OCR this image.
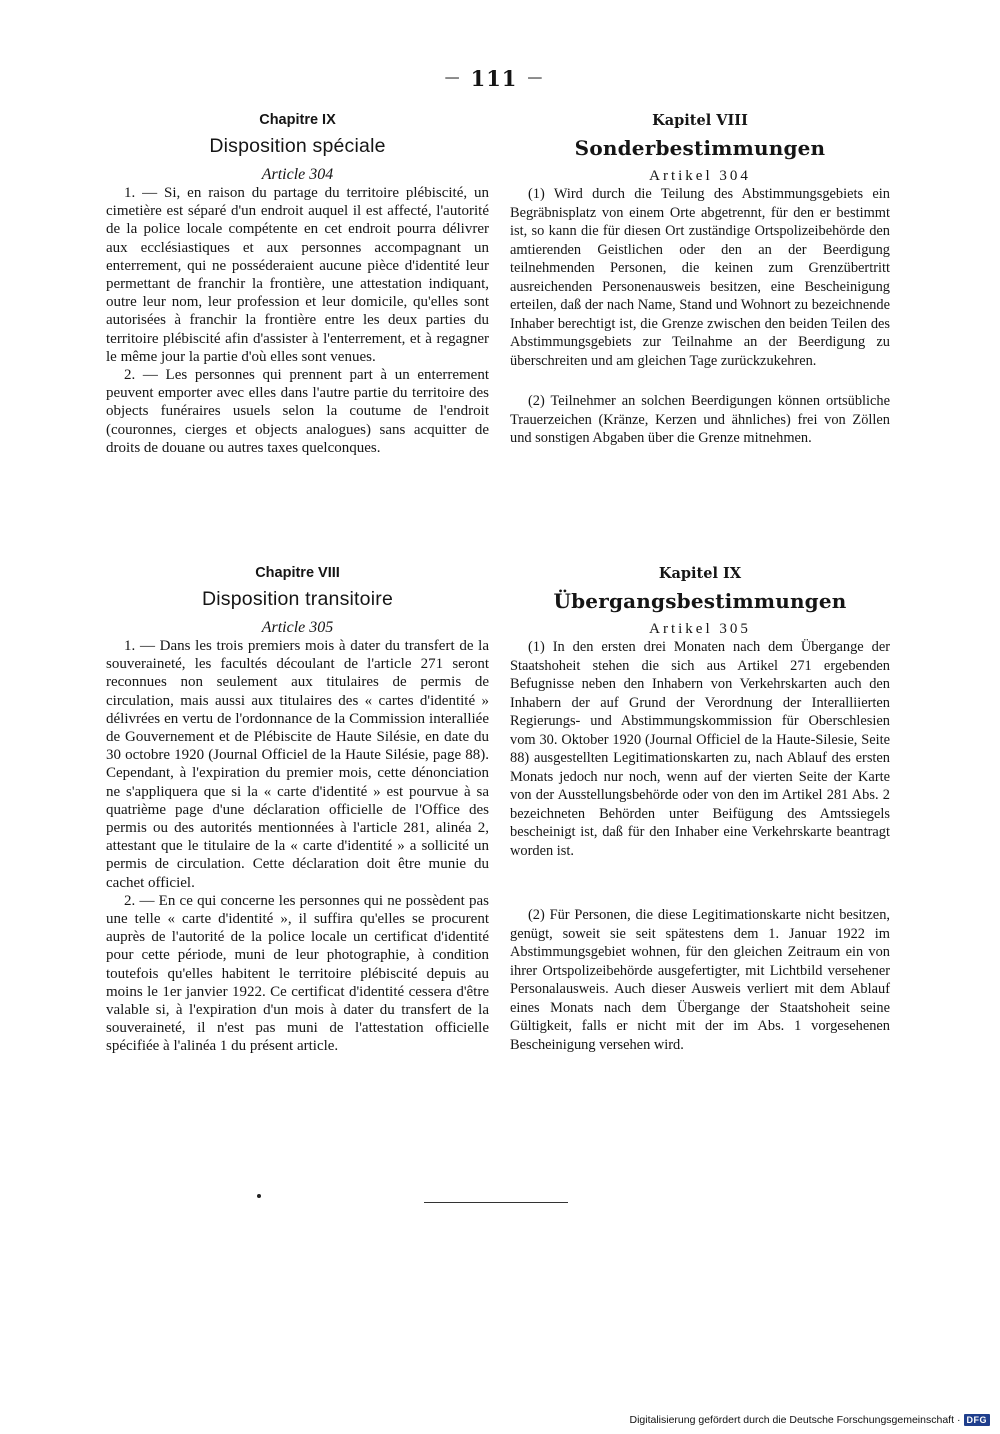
— 111 —

Chapitre IX

Disposition spéciale

Article 304

1. — Si, en raison du partage du territoire plébiscité, un cimetière est séparé d'un endroit auquel il est affecté, l'autorité de la police locale compétente en cet endroit pourra délivrer aux ecclésiastiques et aux personnes accompagnant un enterrement, qui ne posséderaient aucune pièce d'identité leur permettant de franchir la frontière, une attestation indiquant, outre leur nom, leur profession et leur domicile, qu'elles sont autorisées à franchir la frontière entre les deux parties du territoire plébiscité afin d'assister à l'enterrement, et à regagner le même jour la partie d'où elles sont venues.

2. — Les personnes qui prennent part à un enterrement peuvent emporter avec elles dans l'autre partie du territoire des objects funéraires usuels selon la coutume de l'endroit (couronnes, cierges et objects analogues) sans acquitter de droits de douane ou autres taxes quelconques.

Kapitel VIII

Sonderbestimmungen

Artikel 304

(1) Wird durch die Teilung des Abstimmungsgebiets ein Begräbnisplatz von einem Orte abgetrennt, für den er bestimmt ist, so kann die für diesen Ort zuständige Ortspolizeibehörde den amtierenden Geistlichen oder den an der Beerdigung teilnehmenden Personen, die keinen zum Grenzübertritt ausreichenden Personenausweis besitzen, eine Bescheinigung erteilen, daß der nach Name, Stand und Wohnort zu bezeichnende Inhaber berechtigt ist, die Grenze zwischen den beiden Teilen des Abstimmungsgebiets zur Teilnahme an der Beerdigung zu überschreiten und am gleichen Tage zurückzukehren.

(2) Teilnehmer an solchen Beerdigungen können ortsübliche Trauerzeichen (Kränze, Kerzen und ähnliches) frei von Zöllen und sonstigen Abgaben über die Grenze mitnehmen.

Chapitre VIII

Disposition transitoire

Article 305

1. — Dans les trois premiers mois à dater du transfert de la souveraineté, les facultés découlant de l'article 271 seront reconnues non seulement aux titulaires de permis de circulation, mais aussi aux titulaires des « cartes d'identité » délivrées en vertu de l'ordonnance de la Commission interalliée de Gouvernement et de Plébiscite de Haute Silésie, en date du 30 octobre 1920 (Journal Officiel de la Haute Silésie, page 88). Cependant, à l'expiration du premier mois, cette dénonciation ne s'appliquera que si la « carte d'identité » est pourvue à sa quatrième page d'une déclaration officielle de l'Office des permis ou des autorités mentionnées à l'article 281, alinéa 2, attestant que le titulaire de la « carte d'identité » a sollicité un permis de circulation. Cette déclaration doit être munie du cachet officiel.

2. — En ce qui concerne les personnes qui ne possèdent pas une telle « carte d'identité », il suffira qu'elles se procurent auprès de l'autorité de la police locale un certificat d'identité pour cette période, muni de leur photographie, à condition toutefois qu'elles habitent le territoire plébiscité depuis au moins le 1er janvier 1922. Ce certificat d'identité cessera d'être valable si, à l'expiration d'un mois à dater du transfert de la souveraineté, il n'est pas muni de l'attestation officielle spécifiée à l'alinéa 1 du présent article.

Kapitel IX

Übergangsbestimmungen

Artikel 305

(1) In den ersten drei Monaten nach dem Übergange der Staatshoheit stehen die sich aus Artikel 271 ergebenden Befugnisse neben den Inhabern von Verkehrskarten auch den Inhabern der auf Grund der Verordnung der Interalliierten Regierungs- und Abstimmungskommission für Oberschlesien vom 30. Oktober 1920 (Journal Officiel de la Haute-Silesie, Seite 88) ausgestellten Legitimationskarten zu, nach Ablauf des ersten Monats jedoch nur noch, wenn auf der vierten Seite der Karte von der Ausstellungsbehörde oder von den im Artikel 281 Abs. 2 bezeichneten Behörden unter Beifügung des Amtssiegels bescheinigt ist, daß für den Inhaber eine Verkehrskarte beantragt worden ist.

(2) Für Personen, die diese Legitimationskarte nicht besitzen, genügt, soweit sie seit spätestens dem 1. Januar 1922 im Abstimmungsgebiet wohnen, für den gleichen Zeitraum ein von ihrer Ortspolizeibehörde ausgefertigter, mit Lichtbild versehener Personalausweis. Auch dieser Ausweis verliert mit dem Ablauf eines Monats nach dem Übergange der Staatshoheit seine Gültigkeit, falls er nicht mit der im Abs. 1 vorgesehenen Bescheinigung versehen wird.

Digitalisierung gefördert durch die Deutsche Forschungsgemeinschaft · DFG
